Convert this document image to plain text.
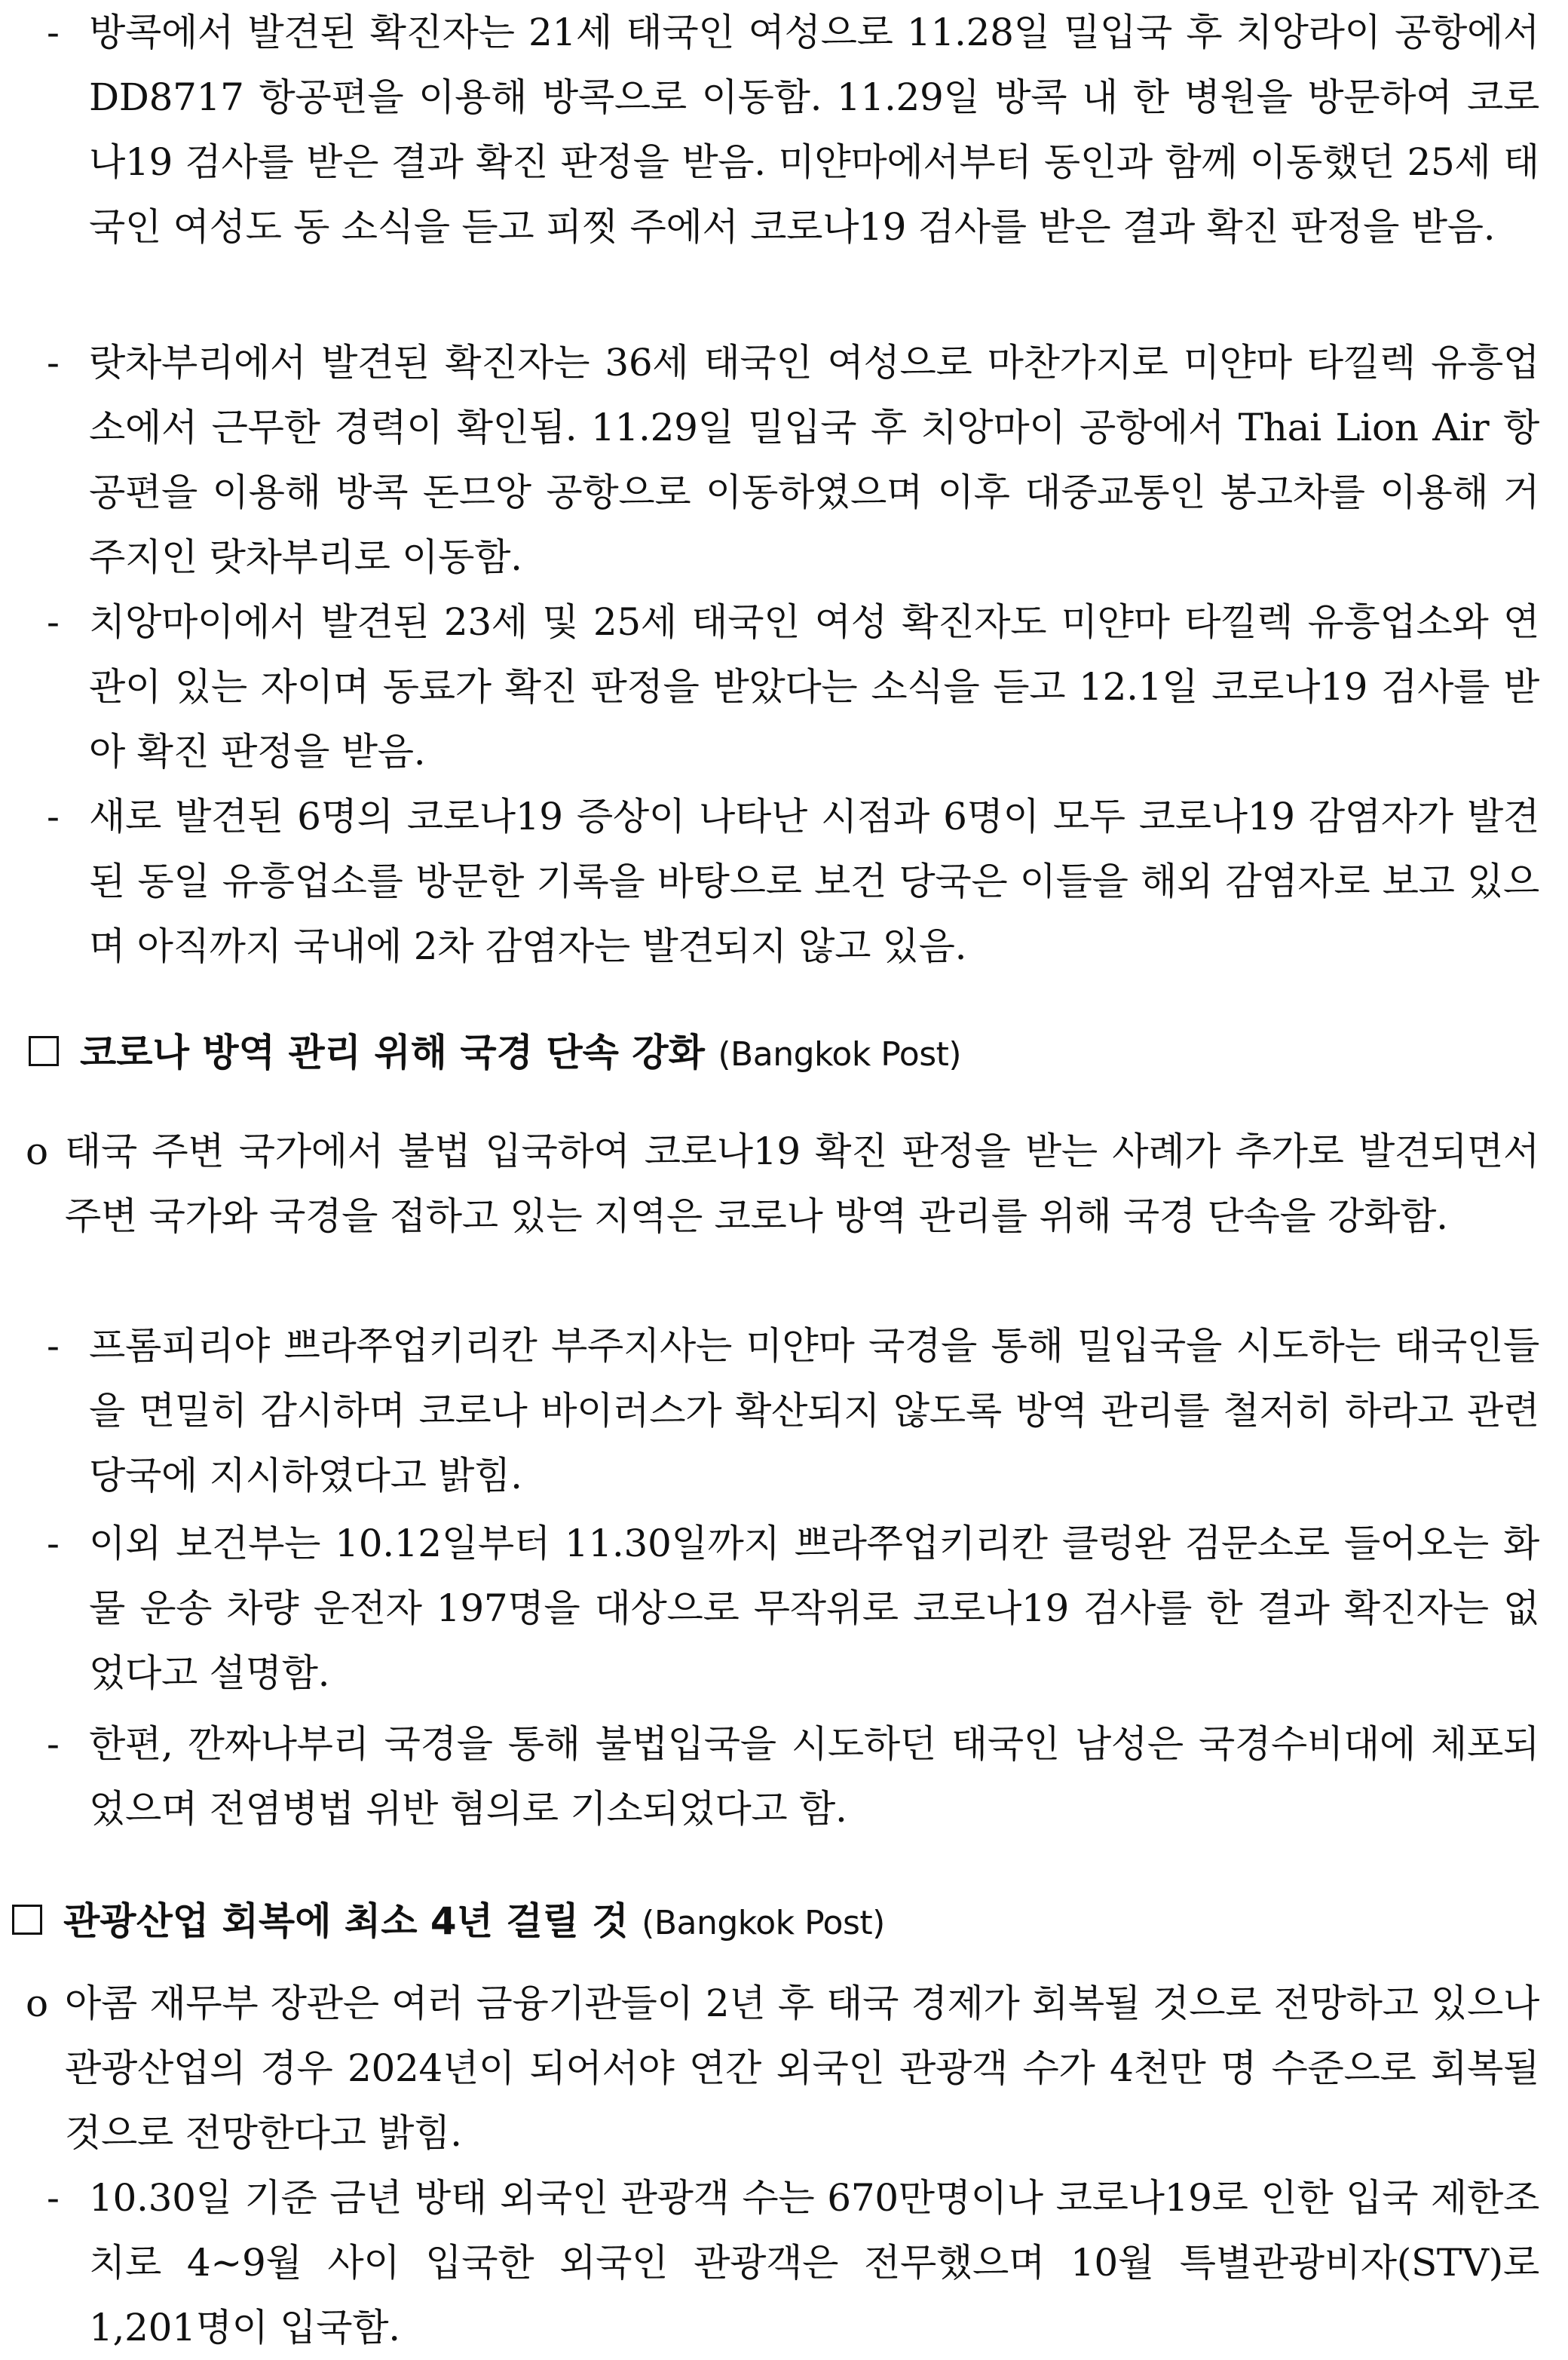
- 방콕에서 발견된 확진자는 21세 태국인 여성으로 11.28일 밀입국 후 치앙라이 공항에서 DD8717 항공편을 이용해 방콕으로 이동함. 11.29일 방콕 내 한 병원을 방문하여 코로나19 검사를 받은 결과 확진 판정을 받음. 미얀마에서부터 동인과 함께 이동했던 25세 태국인 여성도 동 소식을 듣고 피찟 주에서 코로나19 검사를 받은 결과 확진 판정을 받음.

- 랏차부리에서 발견된 확진자는 36세 태국인 여성으로 마찬가지로 미얀마 타낄렉 유흥업소에서 근무한 경력이 확인됨. 11.29일 밀입국 후 치앙마이 공항에서 Thai Lion Air 항공편을 이용해 방콕 돈므앙 공항으로 이동하였으며 이후 대중교통인 봉고차를 이용해 거주지인 랏차부리로 이동함.

- 치앙마이에서 발견된 23세 및 25세 태국인 여성 확진자도 미얀마 타낄렉 유흥업소와 연관이 있는 자이며 동료가 확진 판정을 받았다는 소식을 듣고 12.1일 코로나19 검사를 받아 확진 판정을 받음.

- 새로 발견된 6명의 코로나19 증상이 나타난 시점과 6명이 모두 코로나19 감염자가 발견된 동일 유흥업소를 방문한 기록을 바탕으로 보건 당국은 이들을 해외 감염자로 보고 있으며 아직까지 국내에 2차 감염자는 발견되지 않고 있음.

코로나 방역 관리 위해 국경 단속 강화 (Bangkok Post)

o 태국 주변 국가에서 불법 입국하여 코로나19 확진 판정을 받는 사례가 추가로 발견되면서 주변 국가와 국경을 접하고 있는 지역은 코로나 방역 관리를 위해 국경 단속을 강화함.

- 프롬피리야 쁘라쭈업키리칸 부주지사는 미얀마 국경을 통해 밀입국을 시도하는 태국인들을 면밀히 감시하며 코로나 바이러스가 확산되지 않도록 방역 관리를 철저히 하라고 관련 당국에 지시하였다고 밝힘.

- 이외 보건부는 10.12일부터 11.30일까지 쁘라쭈업키리칸 클렁완 검문소로 들어오는 화물 운송 차량 운전자 197명을 대상으로 무작위로 코로나19 검사를 한 결과 확진자는 없었다고 설명함.

- 한편, 깐짜나부리 국경을 통해 불법입국을 시도하던 태국인 남성은 국경수비대에 체포되었으며 전염병법 위반 혐의로 기소되었다고 함.

관광산업 회복에 최소 4년 걸릴 것 (Bangkok Post)

o 아콤 재무부 장관은 여러 금융기관들이 2년 후 태국 경제가 회복될 것으로 전망하고 있으나 관광산업의 경우 2024년이 되어서야 연간 외국인 관광객 수가 4천만 명 수준으로 회복될 것으로 전망한다고 밝힘.

- 10.30일 기준 금년 방태 외국인 관광객 수는 670만명이나 코로나19로 인한 입국 제한조치로 4~9월 사이 입국한 외국인 관광객은 전무했으며 10월 특별관광비자(STV)로 1,201명이 입국함.
